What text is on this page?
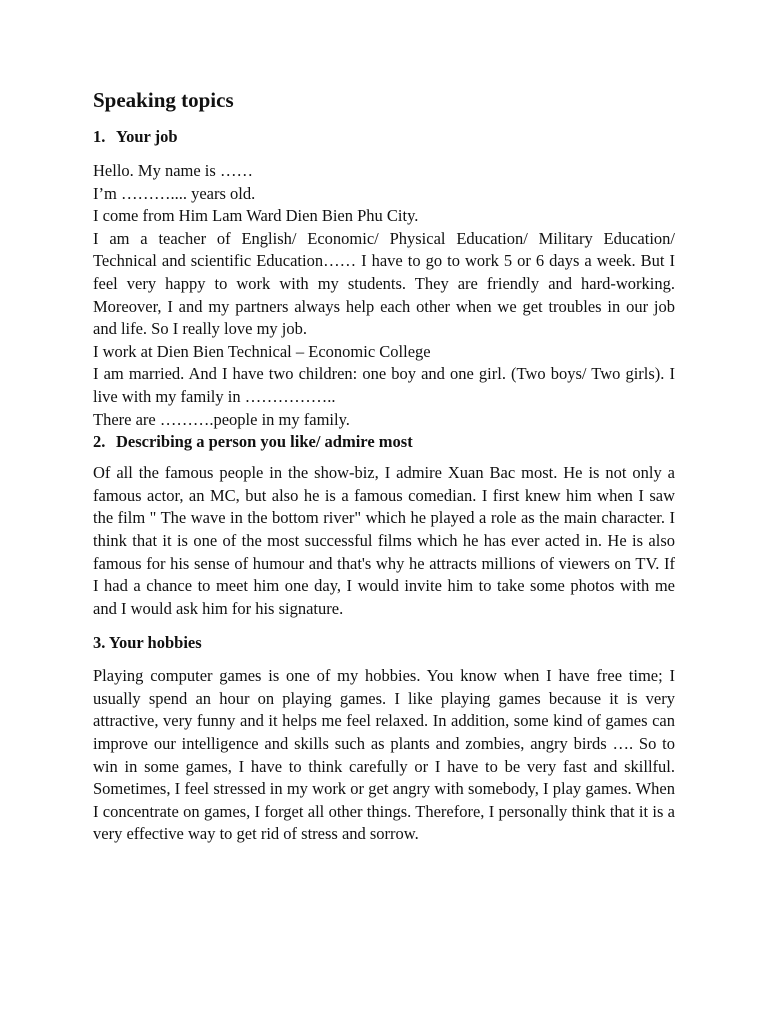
Speaking topics
1. Your job

Hello. My name is ……

I’m ……….... years old.

I come from Him Lam Ward Dien Bien Phu City.

I am a teacher of English/ Economic/ Physical Education/ Military Education/ Technical and scientific Education…… I have to go to work 5 or 6 days a week. But I feel very happy to work with my students. They are friendly and hard-working. Moreover, I and my partners always help each other when we get troubles in our job and life. So I really love my job.

I work at Dien Bien Technical – Economic College

I am married. And I have two children: one boy and one girl. (Two boys/ Two girls). I live with my family in ……………..

There are ……….people in my family.

2. Describing a person you like/ admire most

Of all the famous people in the show-biz, I admire Xuan Bac most. He is not only a famous actor, an MC, but also he is a famous comedian. I first knew him when I saw the film " The wave in the bottom river" which he played a role as the main character. I think that it is one of the most successful films which he has ever acted in. He is also famous for his sense of humour and that's why he attracts millions of viewers on TV. If I had a chance to meet him one day, I would invite him to take some photos with me and I would ask him for his signature.

3. Your hobbies

Playing computer games is one of my hobbies. You know when I have free time; I usually spend an hour on playing games. I like playing games because it is very attractive, very funny and it helps me feel relaxed. In addition, some kind of games can improve our intelligence and skills such as plants and zombies, angry birds …. So to win in some games, I have to think carefully or I have to be very fast and skillful. Sometimes, I feel stressed in my work or get angry with somebody, I play games. When I concentrate on games, I forget all other things. Therefore, I personally think that it is a very effective way to get rid of stress and sorrow.
